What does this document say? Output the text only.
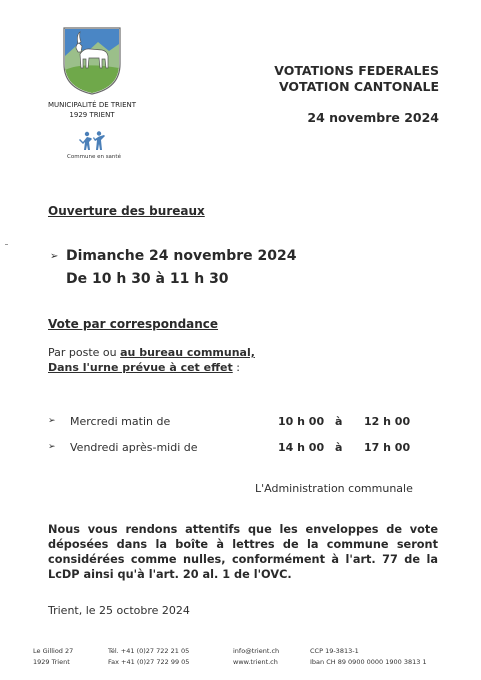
MUNICIPALITÉ DE TRIENT
1929 TRIENT
Commune en santé
VOTATIONS FEDERALES
VOTATION CANTONALE
24 novembre 2024
Ouverture des bureaux
➢ Dimanche 24 novembre 2024
De 10 h 30 à 11 h 30
Vote par correspondance
Par poste ou au bureau communal,
Dans l'urne prévue à cet effet :
➢ Mercredi matin de	10 h 00 à 12 h 00
➢ Vendredi après-midi de	14 h 00 à 17 h 00
L'Administration communale
Nous vous rendons attentifs que les enveloppes de vote déposées dans la boîte à lettres de la commune seront considérées comme nulles, conformément à l'art. 77 de la LcDP ainsi qu'à l'art. 20 al. 1 de l'OVC.
Trient, le 25 octobre 2024
Le Gilliod 27
1929 Trient
Tél. +41 (0)27 722 21 05
Fax +41 (0)27 722 99 05
info@trient.ch
www.trient.ch
CCP 19-3813-1
Iban CH 89 0900 0000 1900 3813 1
